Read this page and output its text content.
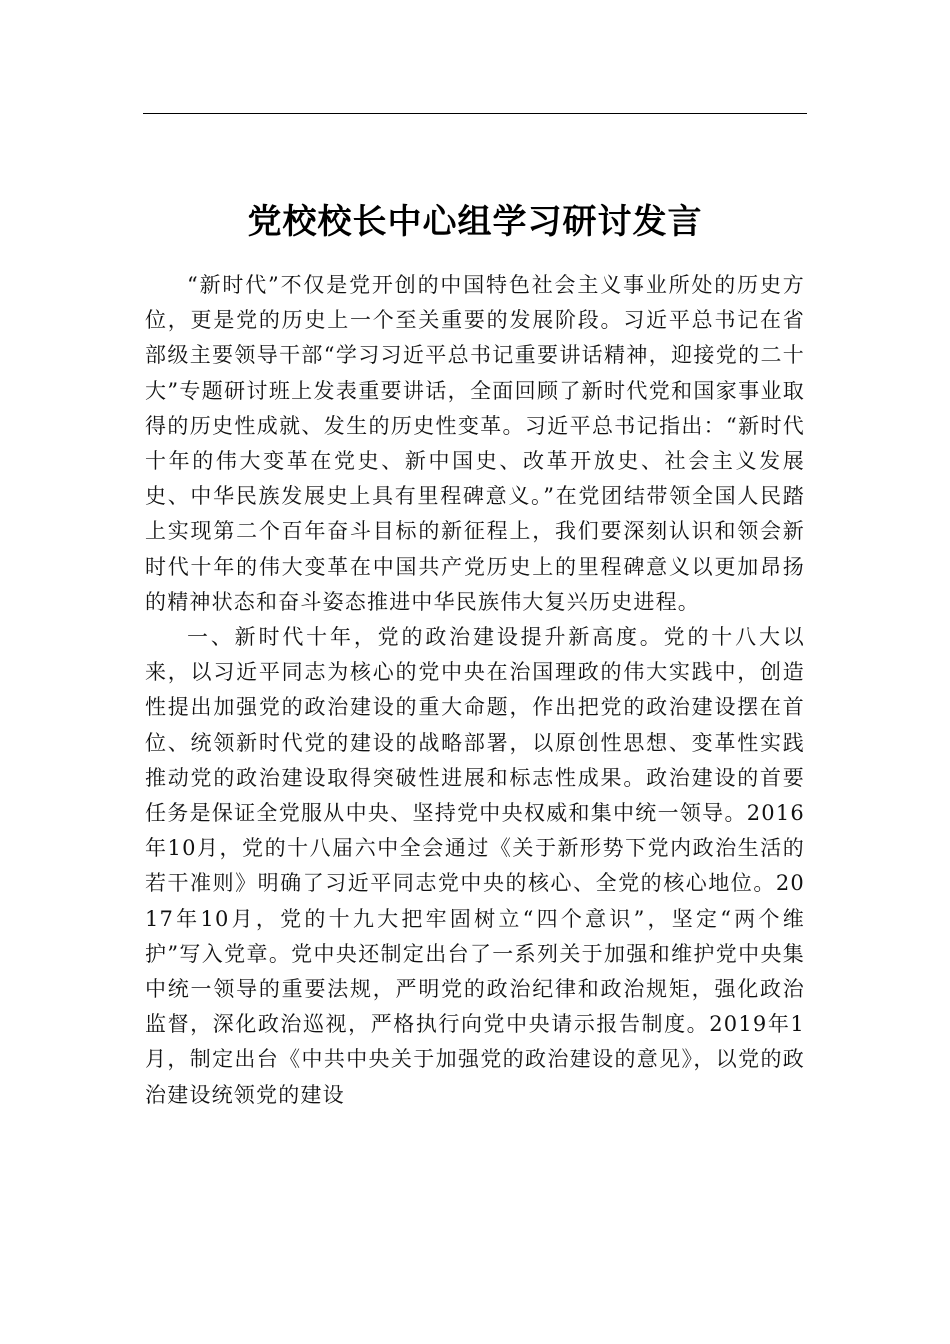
党校校长中心组学习研讨发言

“新时代”不仅是党开创的中国特色社会主义事业所处的历史方位，更是党的历史上一个至关重要的发展阶段。习近平总书记在省部级主要领导干部“学习习近平总书记重要讲话精神，迎接党的二十大”专题研讨班上发表重要讲话，全面回顾了新时代党和国家事业取得的历史性成就、发生的历史性变革。习近平总书记指出：“新时代十年的伟大变革在党史、新中国史、改革开放史、社会主义发展史、中华民族发展史上具有里程碑意义。”在党团结带领全国人民踏上实现第二个百年奋斗目标的新征程上，我们要深刻认识和领会新时代十年的伟大变革在中国共产党历史上的里程碑意义以更加昂扬的精神状态和奋斗姿态推进中华民族伟大复兴历史进程。

一、新时代十年，党的政治建设提升新高度。党的十八大以来，以习近平同志为核心的党中央在治国理政的伟大实践中，创造性提出加强党的政治建设的重大命题，作出把党的政治建设摆在首位、统领新时代党的建设的战略部署，以原创性思想、变革性实践推动党的政治建设取得突破性进展和标志性成果。政治建设的首要任务是保证全党服从中央、坚持党中央权威和集中统一领导。2016年10月，党的十八届六中全会通过《关于新形势下党内政治生活的若干准则》明确了习近平同志党中央的核心、全党的核心地位。2017年10月，党的十九大把牢固树立“四个意识”，坚定“两个维护”写入党章。党中央还制定出台了一系列关于加强和维护党中央集中统一领导的重要法规，严明党的政治纪律和政治规矩，强化政治监督，深化政治巡视，严格执行向党中央请示报告制度。2019年1月，制定出台《中共中央关于加强党的政治建设的意见》，以党的政治建设统领党的建设
